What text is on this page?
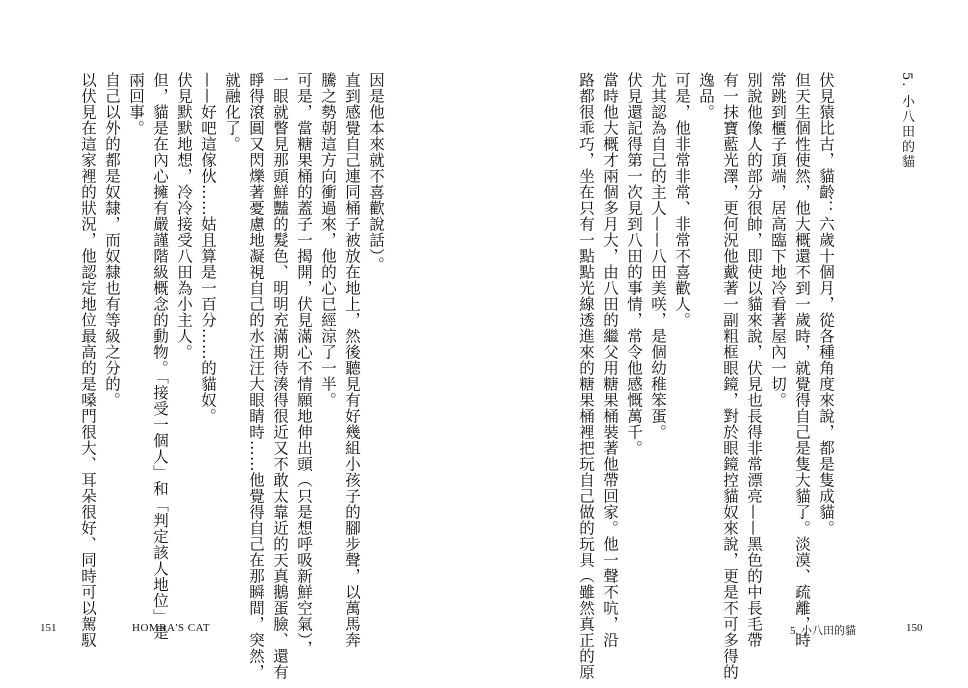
5. 小八田的貓

伏見猿比古，貓齡：六歲十個月，從各種角度來說，都是隻成貓。
但天生個性使然，他大概還不到一歲時，就覺得自己是隻大貓了。淡漠、疏離，時
常跳到櫃子頂端，居高臨下地冷看著屋內一切。
別說他像人的部分很帥，即使以貓來說，伏見也長得非常漂亮——黑色的中長毛帶
有一抹寶藍光澤，更何況他戴著一副粗框眼鏡，對於眼鏡控貓奴來說，更是不可多得的
逸品。
可是，他非常非常、非常不喜歡人。
尤其認為自己的主人——八田美咲，是個幼稚笨蛋。
伏見還記得第一次見到八田的事情，常令他感慨萬千。
當時他大概才兩個多月大，由八田的繼父用糖果桶裝著他帶回家。他一聲不吭，沿
路都很乖巧，坐在只有一點點光線透進來的糖果桶裡把玩自己做的玩具（雖然真正的原

因是他本來就不喜歡說話）。
直到感覺自己連同桶子被放在地上，然後聽見有好幾組小孩子的腳步聲，以萬馬奔
騰之勢朝這方向衝過來，他的心已經涼了一半。
可是，當糖果桶的蓋子一揭開，伏見滿心不情願地伸出頭（只是想呼吸新鮮空氣），
一眼就瞥見那頭鮮豔的髮色、明明充滿期待湊得很近又不敢太靠近的天真鵝蛋臉、還有
睜得滾圓又閃爍著憂慮地凝視自己的水汪汪大眼睛時……他覺得自己在那瞬間，突然，
就融化了。
——好吧這傢伙……姑且算是一百分……的貓奴。
伏見默默地想，冷冷接受八田為小主人。
但，貓是在內心擁有嚴謹階級概念的動物。「接受一個人」和「判定該人地位」是
兩回事。
自己以外的都是奴隸，而奴隸也有等級之分的。
以伏見在這家裡的狀況，他認定地位最高的是嗓門很大、耳朵很好、同時可以駕馭

151	HOMRA'S CAT	5. 小八田的貓	150
